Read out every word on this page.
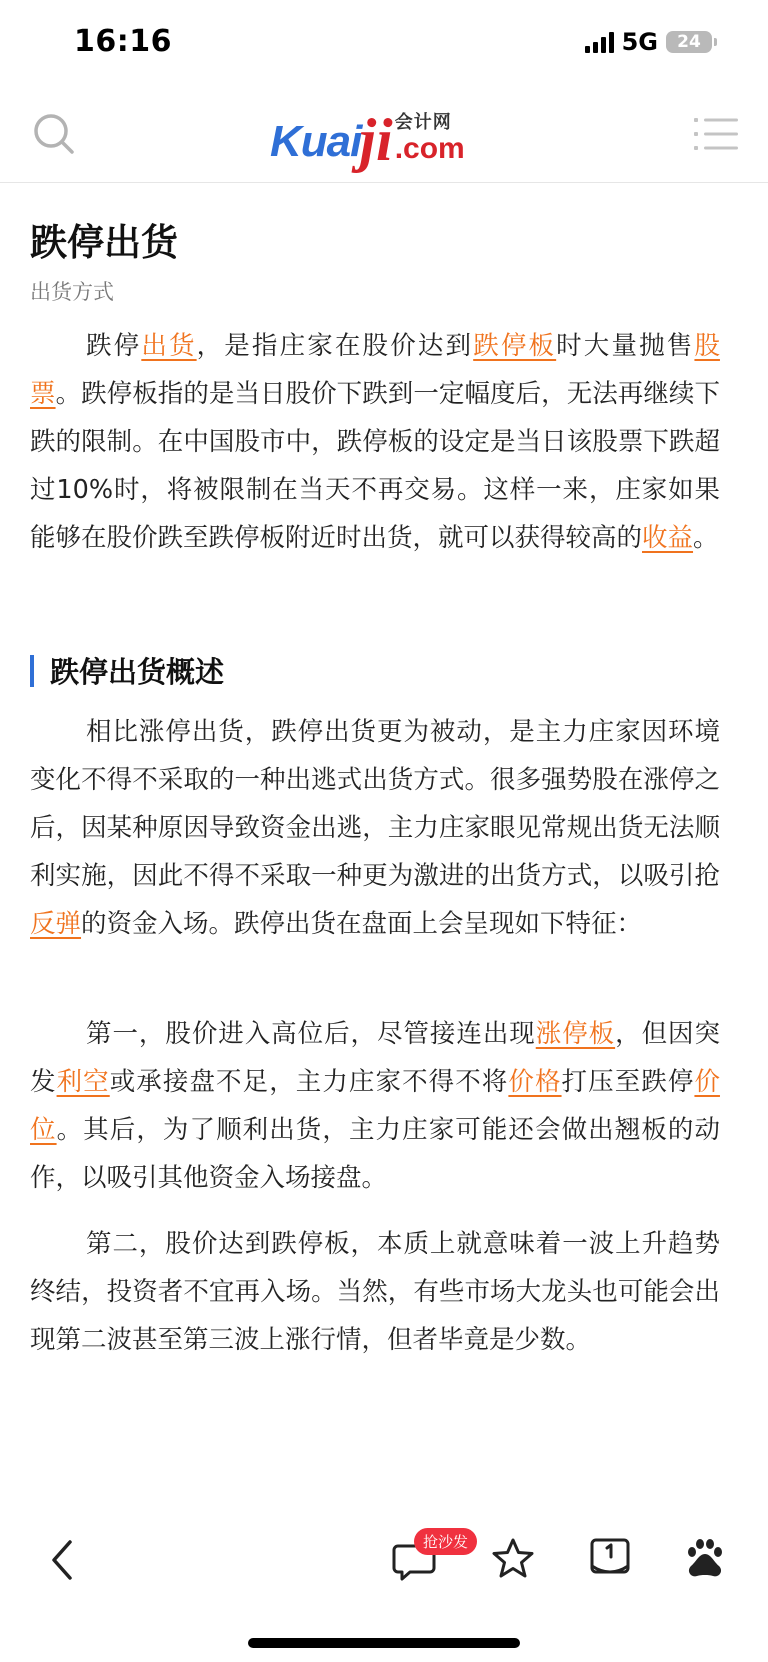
16:16	5G 24
Kuai
ji 会计网
.com
跌停出货
出货方式

跌停出货，是指庄家在股价达到跌停板时大量抛售股票。跌停板指的是当日股价下跌到一定幅度后，无法再继续下跌的限制。在中国股市中，跌停板的设定是当日该股票下跌超过10%时，将被限制在当天不再交易。这样一来，庄家如果能够在股价跌至跌停板附近时出货，就可以获得较高的收益。

跌停出货概述

相比涨停出货，跌停出货更为被动，是主力庄家因环境变化不得不采取的一种出逃式出货方式。很多强势股在涨停之后，因某种原因导致资金出逃，主力庄家眼见常规出货无法顺利实施，因此不得不采取一种更为激进的出货方式，以吸引抢反弹的资金入场。跌停出货在盘面上会呈现如下特征：

第一，股价进入高位后，尽管接连出现涨停板，但因突发利空或承接盘不足，主力庄家不得不将价格打压至跌停价位。其后，为了顺利出货，主力庄家可能还会做出翘板的动作，以吸引其他资金入场接盘。

第二，股价达到跌停板，本质上就意味着一波上升趋势终结，投资者不宜再入场。当然，有些市场大龙头也可能会出现第二波甚至第三波上涨行情，但者毕竟是少数。

抢沙发
